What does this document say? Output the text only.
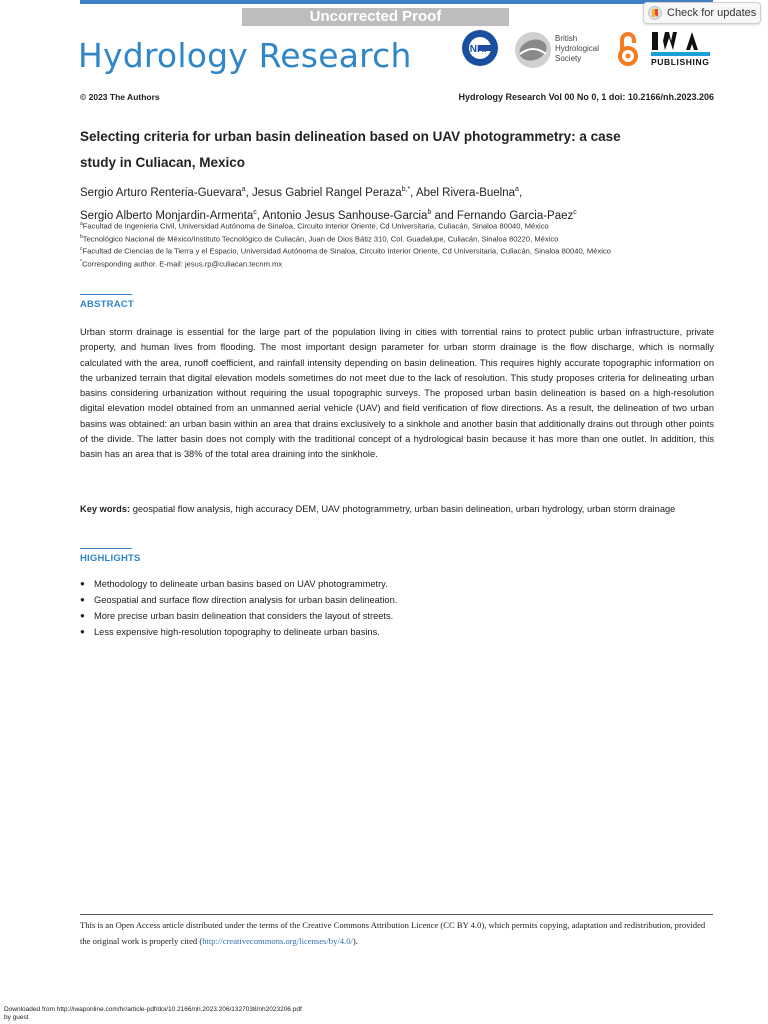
Uncorrected Proof	Check for updates
Hydrology Research	NHF
British
Hydrological
Society	PUBLISHING
© 2023 The Authors	Hydrology Research Vol 00 No 0, 1 doi: 10.2166/nh.2023.206
Selecting criteria for urban basin delineation based on UAV photogrammetry: a case
study in Culiacan, Mexico
Sergio Arturo Renteria-Guevara$^a$, Jesus Gabriel Rangel Peraza$^{b,*}$, Abel Rivera-Buelna$^a$,
Sergio Alberto Monjardin-Armenta$^c$, Antonio Jesus Sanhouse-Garcia$^b$ and Fernando Garcia-Paez$^c$
$^a$Facultad de Ingenieria Civil, Universidad Autónoma de Sinaloa, Circuito Interior Oriente, Cd Universitaria, Culiacán, Sinaloa 80040, México
$^b$Tecnológico Nacional de México/Instituto Tecnológico de Culiacán, Juan de Dios Bátiz 310, Col. Guadalupe, Culiacán, Sinaloa 80220, México
$^c$Facultad de Ciencias de la Tierra y el Espacio, Universidad Autónoma de Sinaloa, Circuito Interior Oriente, Cd Universitaria, Culiacán, Sinaloa 80040, México
*Corresponding author. E-mail: jesus.rp@culiacan.tecnm.mx
ABSTRACT
Urban storm drainage is essential for the large part of the population living in cities with torrential rains to protect public urban infrastructure, private property, and human lives from flooding. The most important design parameter for urban storm drainage is the flow discharge, which is normally calculated with the area, runoff coefficient, and rainfall intensity depending on basin delineation. This requires highly accurate topographic information on the urbanized terrain that digital elevation models sometimes do not meet due to the lack of resolution. This study proposes criteria for delineating urban basins considering urbanization without requiring the usual topographic surveys. The proposed urban basin delineation is based on a high-resolution digital elevation model obtained from an unmanned aerial vehicle (UAV) and field verification of flow directions. As a result, the delineation of two urban basins was obtained: an urban basin within an area that drains exclusively to a sinkhole and another basin that additionally drains out through other points of the divide. The latter basin does not comply with the traditional concept of a hydrological basin because it has more than one outlet. In addition, this basin has an area that is 38% of the total area draining into the sinkhole.
Key words: geospatial flow analysis, high accuracy DEM, UAV photogrammetry, urban basin delineation, urban hydrology, urban storm drainage
HIGHLIGHTS
● Methodology to delineate urban basins based on UAV photogrammetry.
● Geospatial and surface flow direction analysis for urban basin delineation.
● More precise urban basin delineation that considers the layout of streets.
● Less expensive high-resolution topography to delineate urban basins.
This is an Open Access article distributed under the terms of the Creative Commons Attribution Licence (CC BY 4.0), which permits copying, adaptation and redistribution, provided the original work is properly cited (http://creativecommons.org/licenses/by/4.0/).
Downloaded from http://iwaponline.com/hr/article-pdf/doi/10.2166/nh.2023.206/1327038/nh2023206.pdf
by guest
